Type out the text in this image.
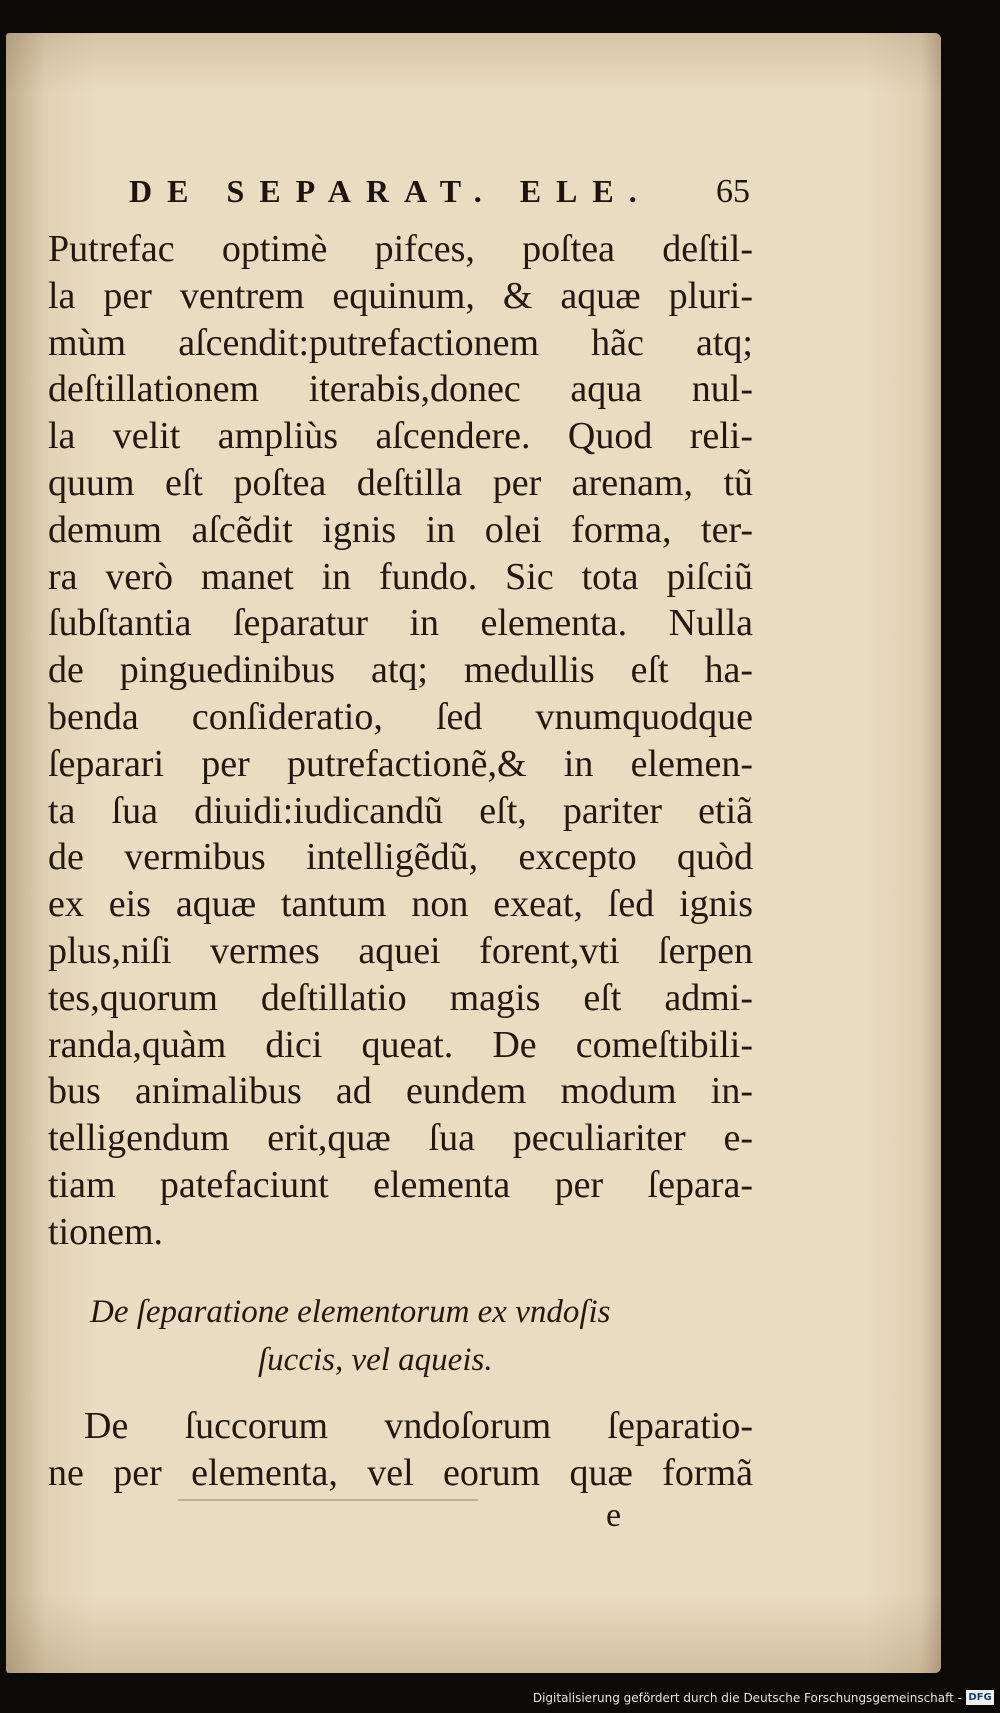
DE SEPARAT. ELE. 65
Putrefac optimè pifces, poſtea deſtil-
la per ventrem equinum, & aquæ pluri-
mùm aſcendit:putrefactionem hãc atq;
deſtillationem iterabis,donec aqua nul-
la velit ampliùs aſcendere. Quod reli-
quum eſt poſtea deſtilla per arenam, tũ
demum aſcẽdit ignis in olei forma, ter-
ra verò manet in fundo. Sic tota piſciũ
ſubſtantia ſeparatur in elementa. Nulla
de pinguedinibus atq; medullis eſt ha-
benda conſideratio, ſed vnumquodque
ſeparari per putrefactionẽ,& in elemen-
ta ſua diuidi:iudicandũ eſt, pariter etiã
de vermibus intelligẽdũ, excepto quòd
ex eis aquæ tantum non exeat, ſed ignis
plus,niſi vermes aquei forent,vti ſerpen
tes,quorum deſtillatio magis eſt admi-
randa,quàm dici queat. De comeſtibili-
bus animalibus ad eundem modum in-
telligendum erit,quæ ſua peculiariter e-
tiam patefaciunt elementa per ſepara-
tionem.
De ſeparatione elementorum ex vndoſis
ſuccis, vel aqueis.
De ſuccorum vndoſorum ſeparatio-
ne per elementa, vel eorum quæ formã
e
Digitalisierung gefördert durch die Deutsche Forschungsgemeinschaft - DFG
